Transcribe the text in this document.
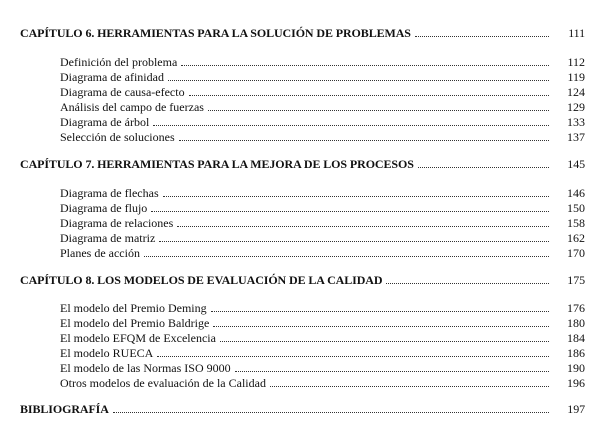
CAPÍTULO 6. HERRAMIENTAS PARA LA SOLUCIÓN DE PROBLEMAS	111
Definición del problema	112
Diagrama de afinidad	119
Diagrama de causa-efecto	124
Análisis del campo de fuerzas	129
Diagrama de árbol	133
Selección de soluciones	137
CAPÍTULO 7. HERRAMIENTAS PARA LA MEJORA DE LOS PROCESOS	145
Diagrama de flechas	146
Diagrama de flujo	150
Diagrama de relaciones	158
Diagrama de matriz	162
Planes de acción	170
CAPÍTULO 8. LOS MODELOS DE EVALUACIÓN DE LA CALIDAD	175
El modelo del Premio Deming	176
El modelo del Premio Baldrige	180
El modelo EFQM de Excelencia	184
El modelo RUECA	186
El modelo de las Normas ISO 9000	190
Otros modelos de evaluación de la Calidad	196
BIBLIOGRAFÍA	197
